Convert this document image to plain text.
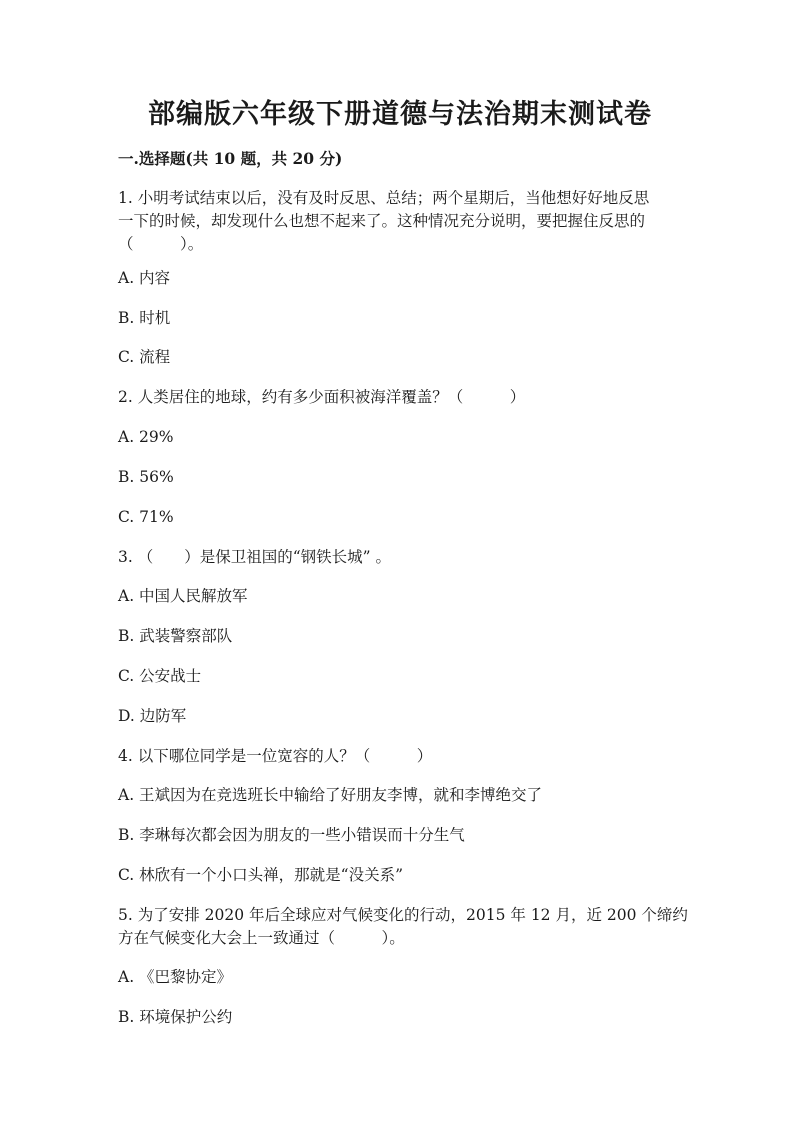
部编版六年级下册道德与法治期末测试卷
一.选择题(共 10 题，共 20 分)
1. 小明考试结束以后，没有及时反思、总结；两个星期后，当他想好好地反思
一下的时候，却发现什么也想不起来了。这种情况充分说明，要把握住反思的
（　　　）。
A. 内容
B. 时机
C. 流程
2. 人类居住的地球，约有多少面积被海洋覆盖？（　　　）
A. 29%
B. 56%
C. 71%
3. （　　）是保卫祖国的“钢铁长城” 。
A. 中国人民解放军
B. 武装警察部队
C. 公安战士
D. 边防军
4. 以下哪位同学是一位宽容的人？（　　　）
A. 王斌因为在竞选班长中输给了好朋友李博，就和李博绝交了
B. 李琳每次都会因为朋友的一些小错误而十分生气
C. 林欣有一个小口头禅，那就是“没关系”
5. 为了安排 2020 年后全球应对气候变化的行动，2015 年 12 月，近 200 个缔约
方在气候变化大会上一致通过（　　　）。
A. 《巴黎协定》
B. 环境保护公约
